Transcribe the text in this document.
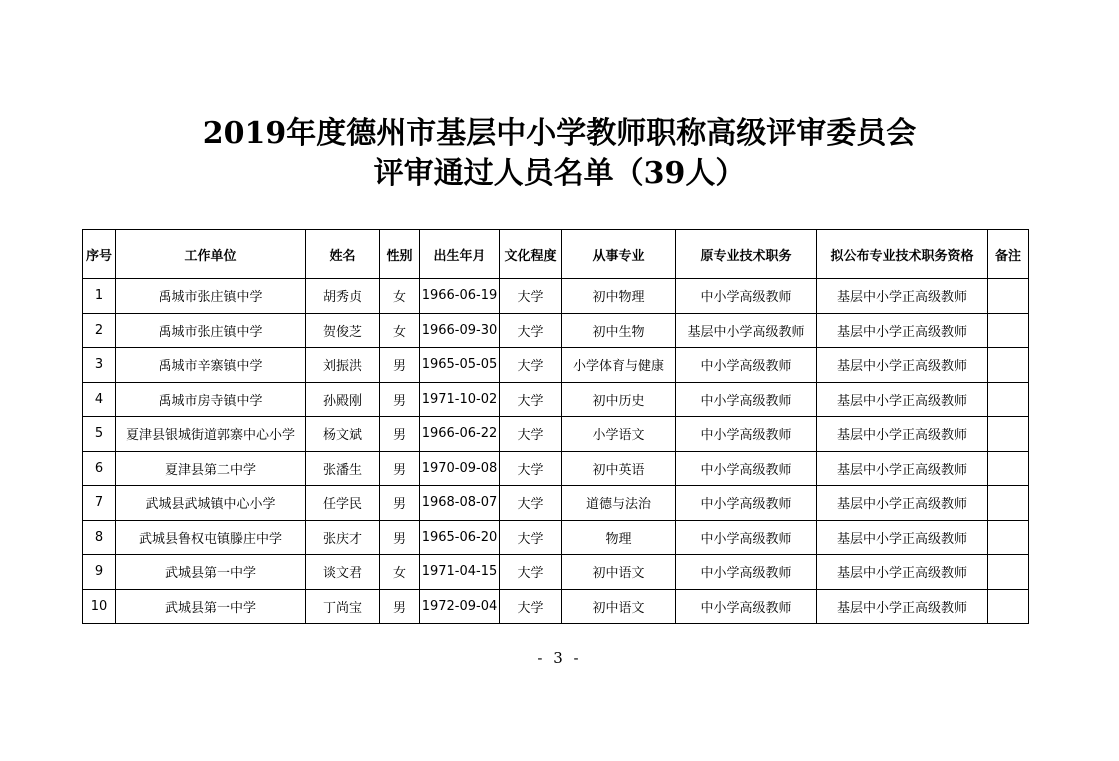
2019年度德州市基层中小学教师职称高级评审委员会
评审通过人员名单（39人）
序号	工作单位	姓名	性别	出生年月	文化程度	从事专业	原专业技术职务	拟公布专业技术职务资格	备注
1	禹城市张庄镇中学	胡秀贞	女	1966-06-19	大学	初中物理	中小学高级教师	基层中小学正高级教师	
2	禹城市张庄镇中学	贺俊芝	女	1966-09-30	大学	初中生物	基层中小学高级教师	基层中小学正高级教师	
3	禹城市辛寨镇中学	刘振洪	男	1965-05-05	大学	小学体育与健康	中小学高级教师	基层中小学正高级教师	
4	禹城市房寺镇中学	孙殿刚	男	1971-10-02	大学	初中历史	中小学高级教师	基层中小学正高级教师	
5	夏津县银城街道郭寨中心小学	杨文斌	男	1966-06-22	大学	小学语文	中小学高级教师	基层中小学正高级教师	
6	夏津县第二中学	张潘生	男	1970-09-08	大学	初中英语	中小学高级教师	基层中小学正高级教师	
7	武城县武城镇中心小学	任学民	男	1968-08-07	大学	道德与法治	中小学高级教师	基层中小学正高级教师	
8	武城县鲁权屯镇滕庄中学	张庆才	男	1965-06-20	大学	物理	中小学高级教师	基层中小学正高级教师	
9	武城县第一中学	谈文君	女	1971-04-15	大学	初中语文	中小学高级教师	基层中小学正高级教师	
10	武城县第一中学	丁尚宝	男	1972-09-04	大学	初中语文	中小学高级教师	基层中小学正高级教师	
- 3 -
